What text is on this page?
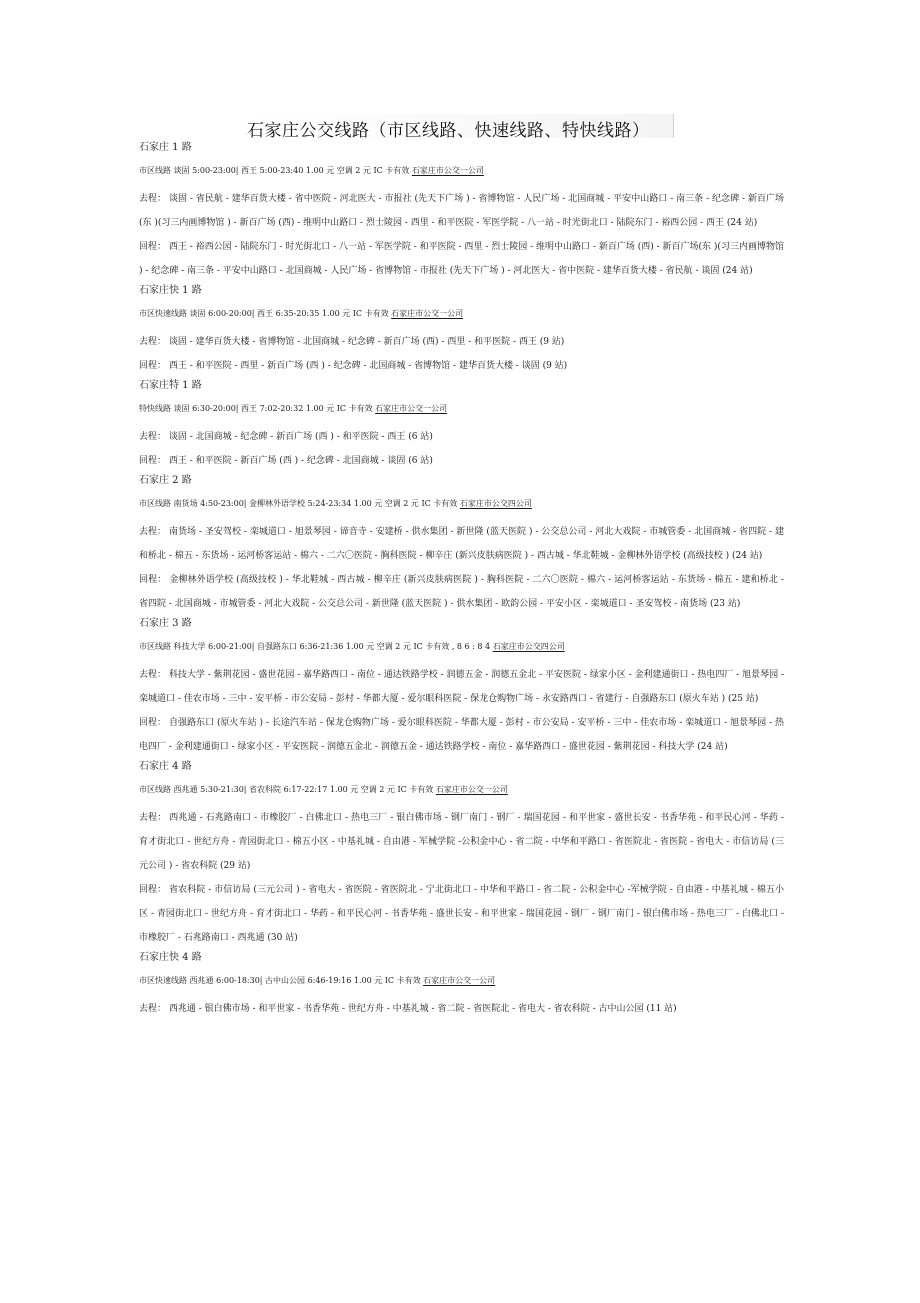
石家庄公交线路（市区线路、快速线路、特快线路）
石家庄 1 路
市区线路 谈固 5:00-23:00| 西王 5:00-23:40 1.00 元 空调 2 元 IC 卡有效 石家庄市公交一公司
去程： 谈固 - 省民航 - 建华百货大楼 - 省中医院 - 河北医大 - 市报社 (先天下广场 ) - 省博物馆 - 人民广场 - 北国商城 - 平安中山路口 - 南三条 - 纪念碑 - 新百广场 (东 )(习三内画博物馆 ) - 新百广场 (西) - 维明中山路口 - 烈士陵园 - 西里 - 和平医院 - 军医学院 - 八一站 - 时光街北口 - 陆院东门 - 裕西公园 - 西王 (24 站)
回程： 西王 - 裕西公园 - 陆院东门 - 时光街北口 - 八一站 - 军医学院 - 和平医院 - 西里 - 烈士陵园 - 维明中山路口 - 新百广场 (西) - 新百广场(东 )(习三内画博物馆 ) - 纪念碑 - 南三条 - 平安中山路口 - 北国商城 - 人民广场 - 省博物馆 - 市报社 (先天下广场 ) - 河北医大 - 省中医院 - 建华百货大楼 - 省民航 - 谈固 (24 站)
石家庄快 1 路
市区快速线路 谈固 6:00-20:00| 西王 6:35-20:35 1.00 元 IC 卡有效 石家庄市公交一公司
去程： 谈固 - 建华百货大楼 - 省博物馆 - 北国商城 - 纪念碑 - 新百广场 (西) - 西里 - 和平医院 - 西王 (9 站)
回程： 西王 - 和平医院 - 西里 - 新百广场 (西 ) - 纪念碑 - 北国商城 - 省博物馆 - 建华百货大楼 - 谈固 (9 站)
石家庄特 1 路
特快线路 谈固 6:30-20:00| 西王 7:02-20:32 1.00 元 IC 卡有效 石家庄市公交一公司
去程： 谈固 - 北国商城 - 纪念碑 - 新百广场 (西 ) - 和平医院 - 西王 (6 站)
回程： 西王 - 和平医院 - 新百广场 (西 ) - 纪念碑 - 北国商城 - 谈固 (6 站)
石家庄 2 路
市区线路 南货场 4:50-23:00| 金柳林外语学校 5:24-23:34 1.00 元 空调 2 元 IC 卡有效 石家庄市公交四公司
去程： 南货场 - 圣安驾校 - 栾城道口 - 旭景琴园 - 谛音寺 - 安建桥 - 供水集团 - 新世隆 (蓝天医院 ) - 公交总公司 - 河北大戏院 - 市城管委 - 北国商城 - 省四院 - 建和桥北 - 棉五 - 东货场 - 运河桥客运站 - 棉六 - 二六〇医院 - 胸科医院 - 柳辛庄 (新兴皮肤病医院 ) - 西古城 - 华北鞋城 - 金柳林外语学校 (高级技校 ) (24 站)
回程： 金柳林外语学校 (高级技校 ) - 华北鞋城 - 西古城 - 柳辛庄 (新兴皮肤病医院 ) - 胸科医院 - 二六〇医院 - 棉六 - 运河桥客运站 - 东货场 - 棉五 - 建和桥北 - 省四院 - 北国商城 - 市城管委 - 河北大戏院 - 公交总公司 - 新世隆 (蓝天医院 ) - 供水集团 - 欧韵公园 - 平安小区 - 栾城道口 - 圣安驾校 - 南货场 (23 站)
石家庄 3 路
市区线路 科技大学 6:00-21:00| 自强路东口 6:36-21:36 1.00 元 空调 2 元 IC 卡有效 , 8 6 : 8 4 石家庄市公交四公司
去程： 科技大学 - 紫荆花园 - 盛世花园 - 嘉华路西口 - 南位 - 通达铁路学校 - 润德五金 - 润德五金北 - 平安医院 - 绿家小区 - 金利建通街口 - 热电四厂 - 旭景琴园 - 栾城道口 - 佳农市场 - 三中 - 安平桥 - 市公安局 - 彭村 - 华都大厦 - 爱尔眼科医院 - 保龙仓购物广场 - 永安路西口 - 省建行 - 自强路东口 (原火车站 ) (25 站)
回程： 自强路东口 (原火车站 ) - 长途汽车站 - 保龙仓购物广场 - 爱尔眼科医院 - 华都大厦 - 彭村 - 市公安局 - 安平桥 - 三中 - 佳农市场 - 栾城道口 - 旭景琴园 - 热电四厂 - 金利建通街口 - 绿家小区 - 平安医院 - 润德五金北 - 润德五金 - 通达铁路学校 - 南位 - 嘉华路西口 - 盛世花园 - 紫荆花园 - 科技大学 (24 站)
石家庄 4 路
市区线路 西兆通 5:30-21:30| 省农科院 6:17-22:17 1.00 元 空调 2 元 IC 卡有效 石家庄市公交一公司
去程： 西兆通 - 石兆路南口 - 市橡胶厂 - 白佛北口 - 热电三厂 - 银白佛市场 - 钢厂南门 - 钢厂 - 瑞国花园 - 和平世家 - 盛世长安 - 书香华苑 - 和平民心河 - 华药 - 育才街北口 - 世纪方舟 - 青园街北口 - 棉五小区 - 中基礼城 - 自由港 - 军械学院 -公积金中心 - 省二院 - 中华和平路口 - 省医院北 - 省医院 - 省电大 - 市信访局 (三元公司 ) - 省农科院 (29 站)
回程： 省农科院 - 市信访局 (三元公司 ) - 省电大 - 省医院 - 省医院北 - 宁北街北口 - 中华和平路口 - 省二院 - 公积金中心 -军械学院 - 自由港 - 中基礼城 - 棉五小区 - 青园街北口 - 世纪方舟 - 育才街北口 - 华药 - 和平民心河 - 书香华苑 - 盛世长安 - 和平世家 - 瑞国花园 - 钢厂 - 钢厂南门 - 银白佛市场 - 热电三厂 - 白佛北口 - 市橡胶厂 - 石兆路南口 - 西兆通 (30 站)
石家庄快 4 路
市区快速线路 西兆通 6:00-18:30| 古中山公园 6:46-19:16 1.00 元 IC 卡有效 石家庄市公交一公司
去程： 西兆通 - 银白佛市场 - 和平世家 - 书香华苑 - 世纪方舟 - 中基礼城 - 省二院 - 省医院北 - 省电大 - 省农科院 - 古中山公园 (11 站)
